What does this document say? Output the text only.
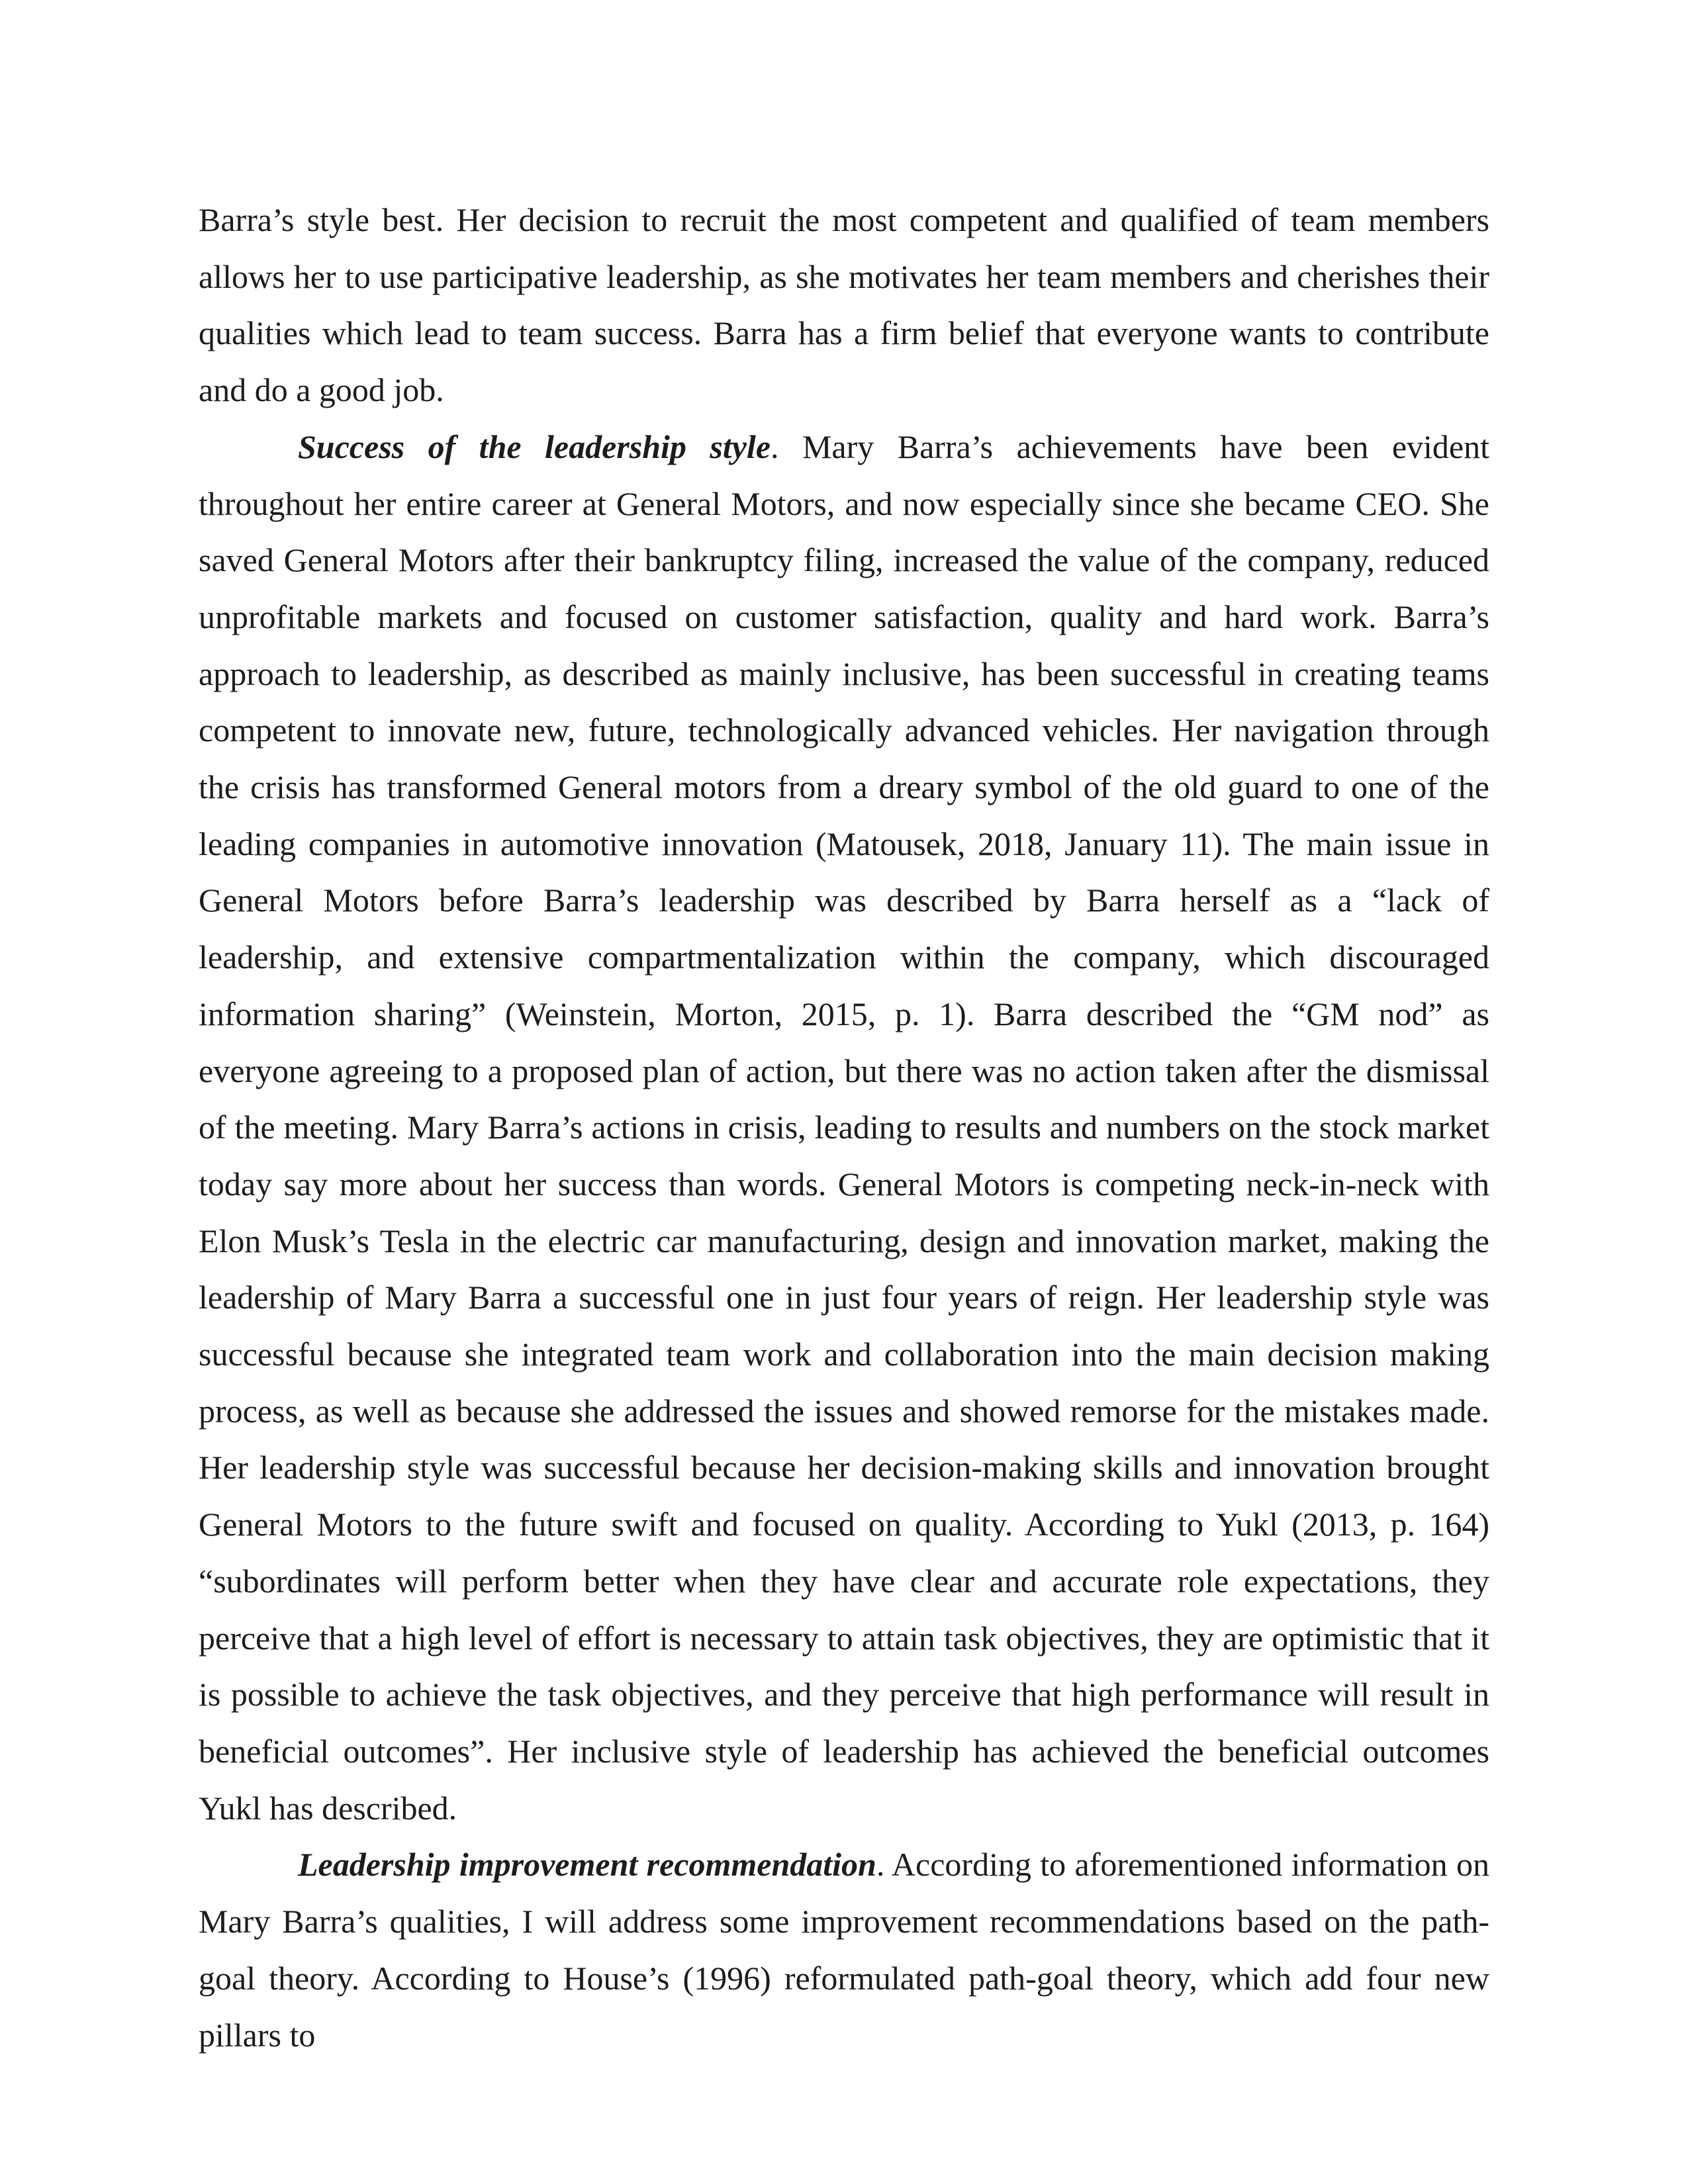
Barra’s style best. Her decision to recruit the most competent and qualified of team members allows her to use participative leadership, as she motivates her team members and cherishes their qualities which lead to team success. Barra has a firm belief that everyone wants to contribute and do a good job.

Success of the leadership style. Mary Barra’s achievements have been evident throughout her entire career at General Motors, and now especially since she became CEO. She saved General Motors after their bankruptcy filing, increased the value of the company, reduced unprofitable markets and focused on customer satisfaction, quality and hard work. Barra’s approach to leadership, as described as mainly inclusive, has been successful in creating teams competent to innovate new, future, technologically advanced vehicles. Her navigation through the crisis has transformed General motors from a dreary symbol of the old guard to one of the leading companies in automotive innovation (Matousek, 2018, January 11). The main issue in General Motors before Barra’s leadership was described by Barra herself as a “lack of leadership, and extensive compartmentalization within the company, which discouraged information sharing” (Weinstein, Morton, 2015, p. 1). Barra described the “GM nod” as everyone agreeing to a proposed plan of action, but there was no action taken after the dismissal of the meeting. Mary Barra’s actions in crisis, leading to results and numbers on the stock market today say more about her success than words. General Motors is competing neck-in-neck with Elon Musk’s Tesla in the electric car manufacturing, design and innovation market, making the leadership of Mary Barra a successful one in just four years of reign. Her leadership style was successful because she integrated team work and collaboration into the main decision making process, as well as because she addressed the issues and showed remorse for the mistakes made. Her leadership style was successful because her decision-making skills and innovation brought General Motors to the future swift and focused on quality. According to Yukl (2013, p. 164) “subordinates will perform better when they have clear and accurate role expectations, they perceive that a high level of effort is necessary to attain task objectives, they are optimistic that it is possible to achieve the task objectives, and they perceive that high performance will result in beneficial outcomes”. Her inclusive style of leadership has achieved the beneficial outcomes Yukl has described.

Leadership improvement recommendation. According to aforementioned information on Mary Barra’s qualities, I will address some improvement recommendations based on the path-goal theory. According to House’s (1996) reformulated path-goal theory, which add four new pillars to
